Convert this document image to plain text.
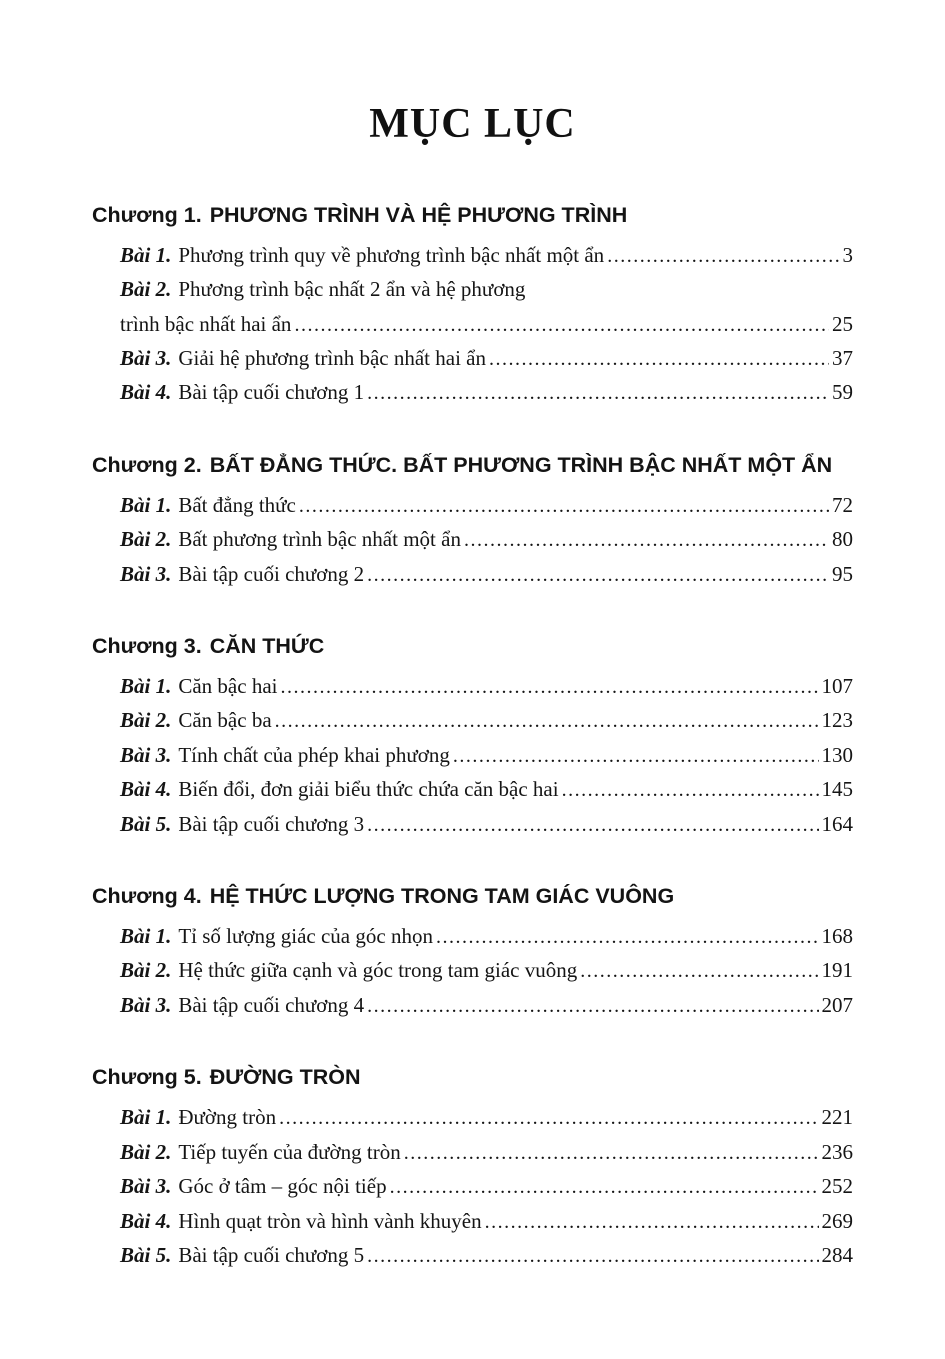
MỤC LỤC
Chương 1. PHƯƠNG TRÌNH VÀ HỆ PHƯƠNG TRÌNH
Bài 1. Phương trình quy về phương trình bậc nhất một ẩn .....	3
Bài 2. Phương trình bậc nhất 2 ẩn và hệ phương
trình bậc nhất hai ẩn .....	25
Bài 3. Giải hệ phương trình bậc nhất hai ẩn .....	37
Bài 4. Bài tập cuối chương 1 .....	59
Chương 2. BẤT ĐẲNG THỨC. BẤT PHƯƠNG TRÌNH BẬC NHẤT MỘT ẨN
Bài 1. Bất đẳng thức .....	72
Bài 2. Bất phương trình bậc nhất một ẩn .....	80
Bài 3. Bài tập cuối chương 2 .....	95
Chương 3. CĂN THỨC
Bài 1. Căn bậc hai .....	107
Bài 2. Căn bậc ba .....	123
Bài 3. Tính chất của phép khai phương .....	130
Bài 4. Biến đổi, đơn giải biểu thức chứa căn bậc hai .....	145
Bài 5. Bài tập cuối chương 3 .....	164
Chương 4. HỆ THỨC LƯỢNG TRONG TAM GIÁC VUÔNG
Bài 1. Tỉ số lượng giác của góc nhọn .....	168
Bài 2. Hệ thức giữa cạnh và góc trong tam giác vuông .....	191
Bài 3. Bài tập cuối chương 4 .....	207
Chương 5. ĐƯỜNG TRÒN
Bài 1. Đường tròn .....	221
Bài 2. Tiếp tuyến của đường tròn .....	236
Bài 3. Góc ở tâm – góc nội tiếp .....	252
Bài 4. Hình quạt tròn và hình vành khuyên .....	269
Bài 5. Bài tập cuối chương 5 .....	284
